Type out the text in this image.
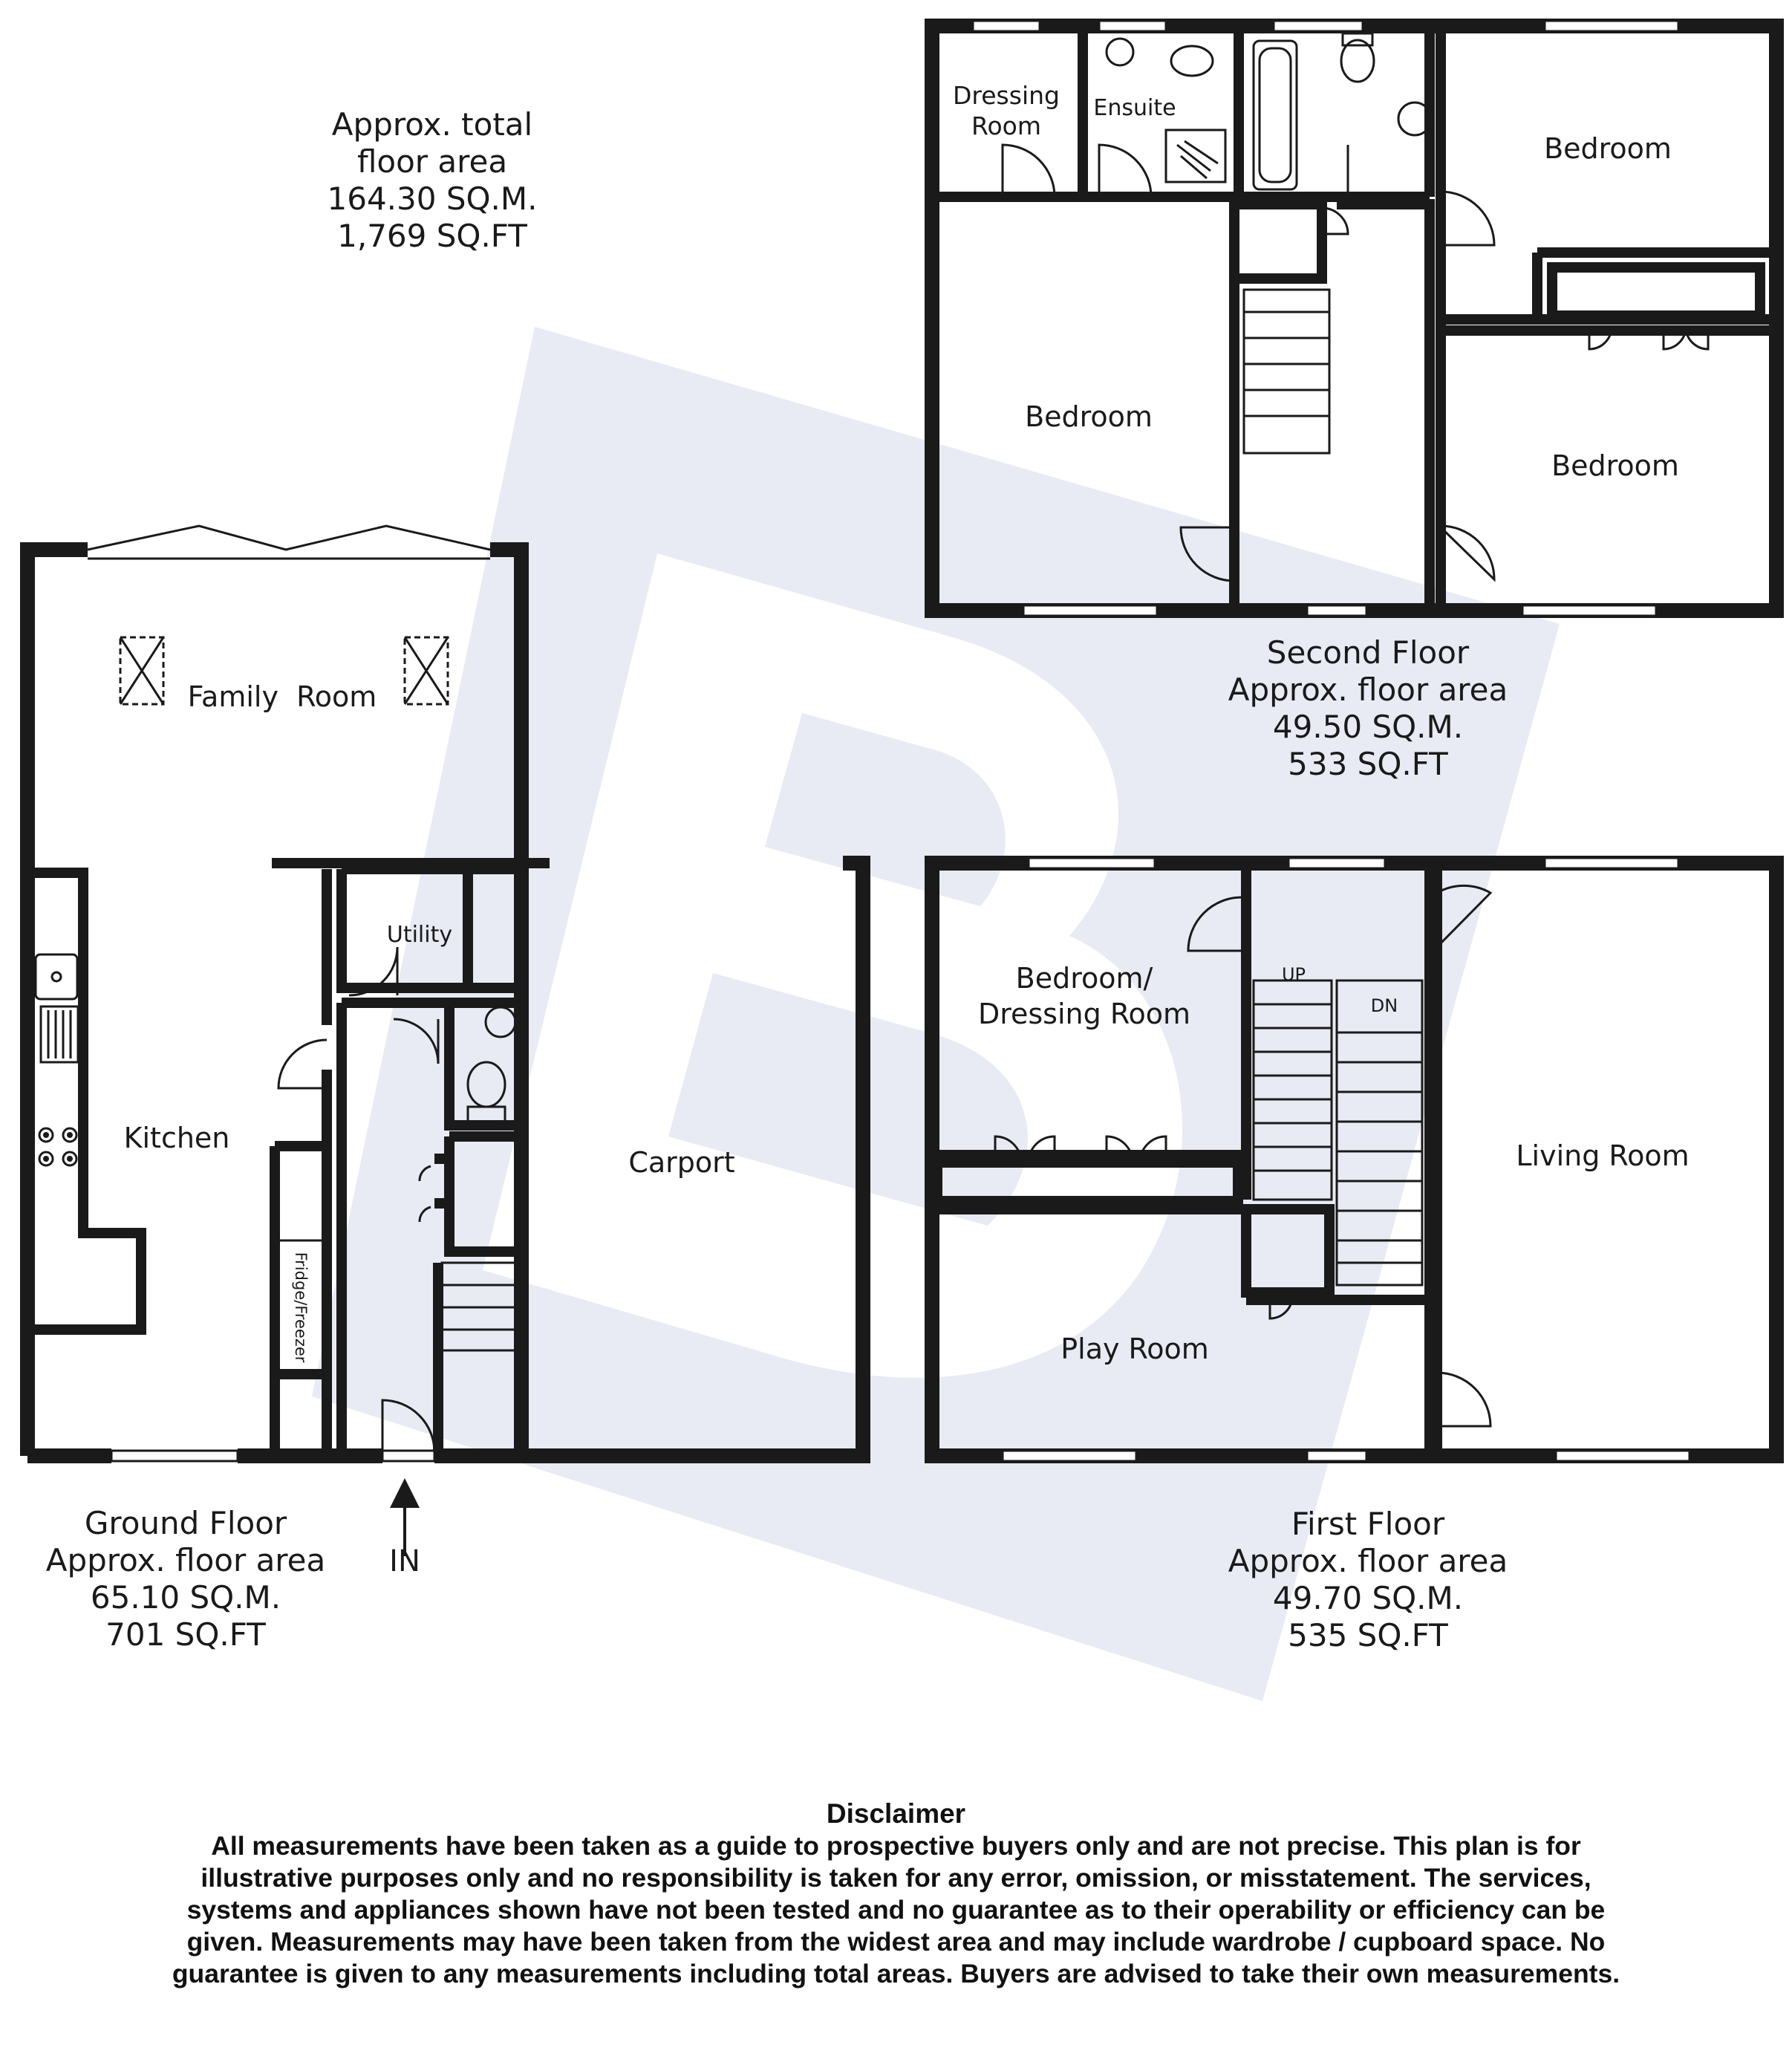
Approx. total
floor area
164.30 SQ.M.
1,769 SQ.FT
Family  Room
Kitchen
Utility
Fridge/Freezer
Carport
IN
Ground Floor
Approx. floor area
65.10 SQ.M.
701 SQ.FT
Dressing
Room
Ensuite
Bedroom
Bedroom
Bedroom
Second Floor
Approx. floor area
49.50 SQ.M.
533 SQ.FT
Bedroom/
Dressing Room
Play Room
Living Room
UP
DN
First Floor
Approx. floor area
49.70 SQ.M.
535 SQ.FT
Disclaimer
All measurements have been taken as a guide to prospective buyers only and are not precise. This plan is for illustrative purposes only and no responsibility is taken for any error, omission, or misstatement. The services, systems and appliances shown have not been tested and no guarantee as to their operability or efficiency can be given. Measurements may have been taken from the widest area and may include wardrobe / cupboard space. No guarantee is given to any measurements including total areas. Buyers are advised to take their own measurements.
